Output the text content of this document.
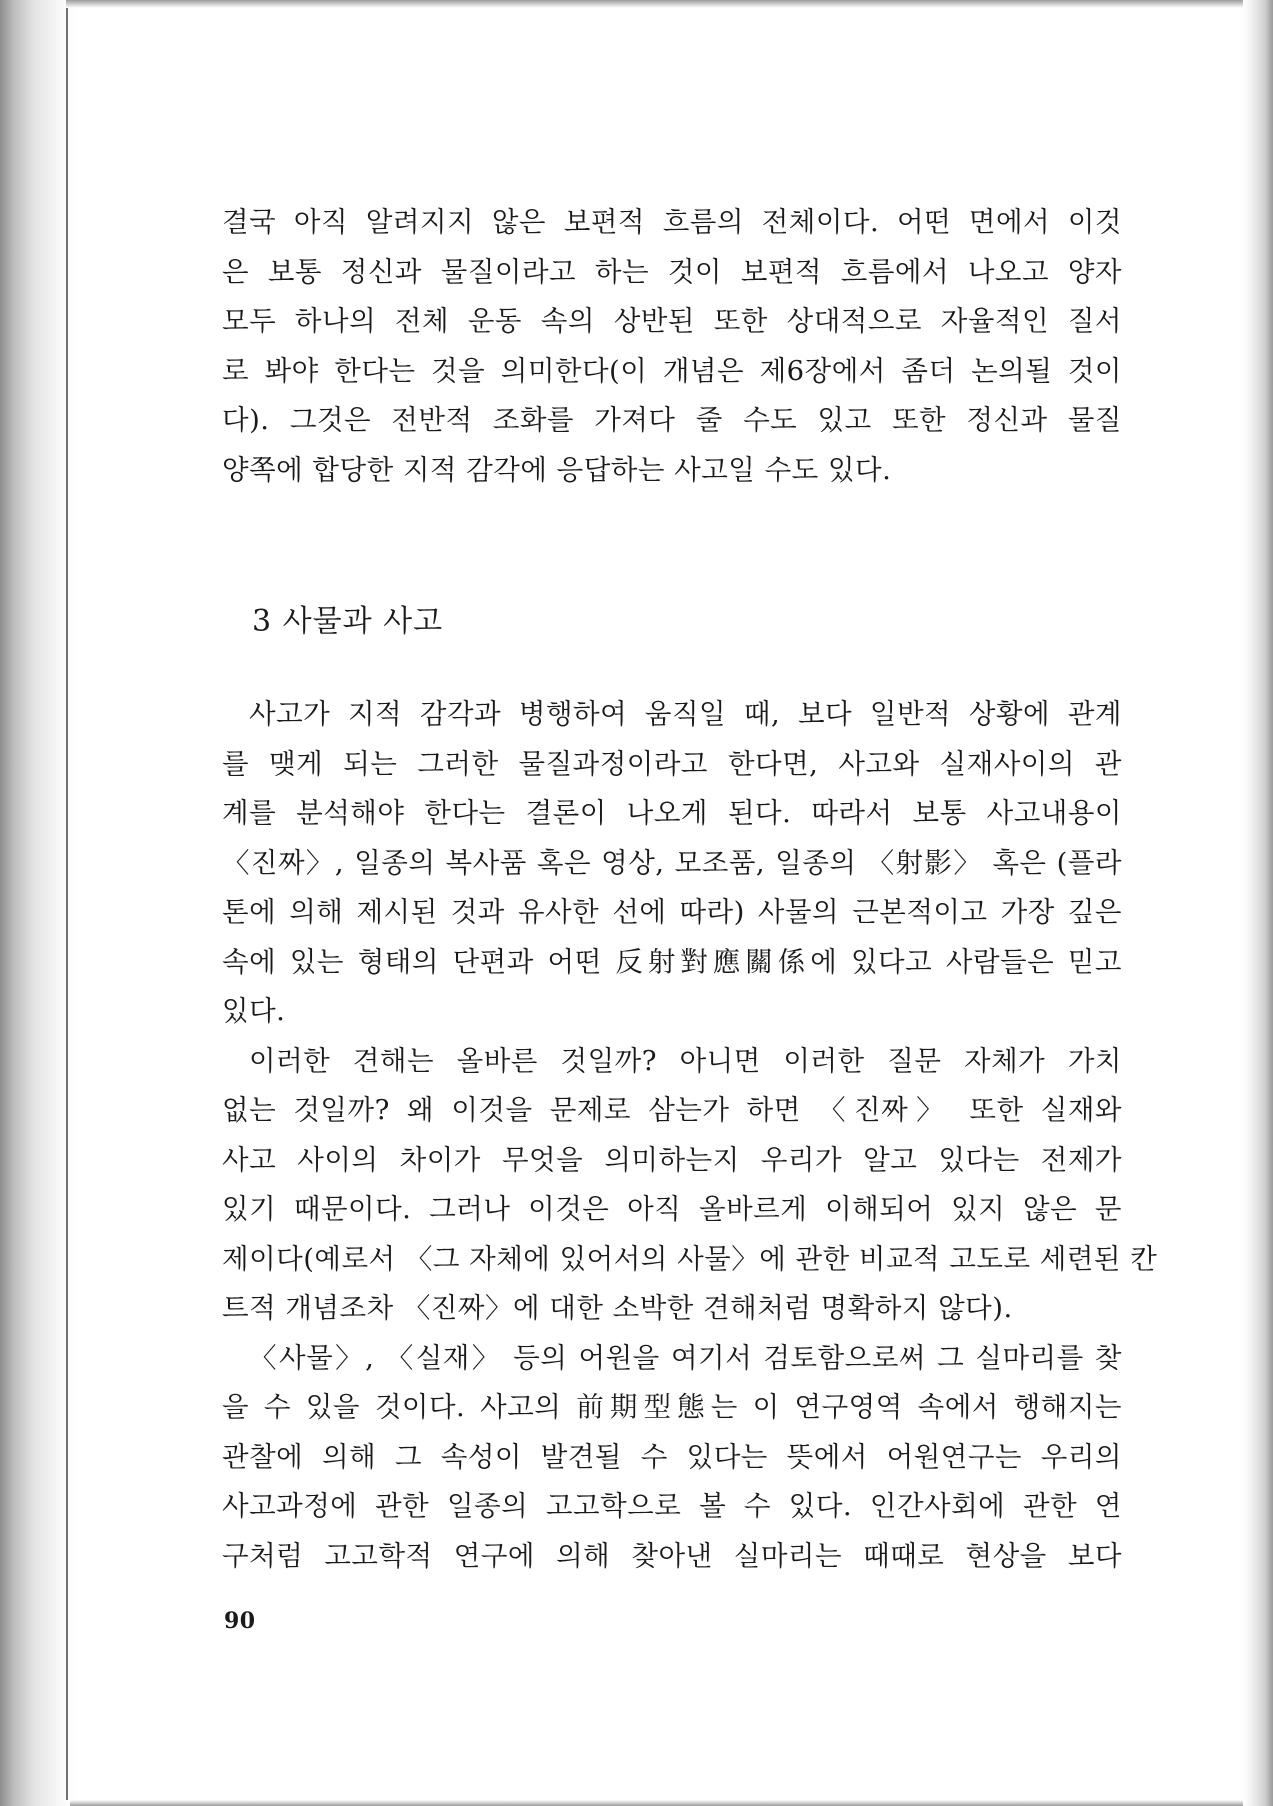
결국 아직 알려지지 않은 보편적 흐름의 전체이다. 어떤 면에서 이것
은 보통 정신과 물질이라고 하는 것이 보편적 흐름에서 나오고 양자
모두 하나의 전체 운동 속의 상반된 또한 상대적으로 자율적인 질서
로 봐야 한다는 것을 의미한다(이 개념은 제6장에서 좀더 논의될 것이
다). 그것은 전반적 조화를 가져다 줄 수도 있고 또한 정신과 물질
양쪽에 합당한 지적 감각에 응답하는 사고일 수도 있다.
3 사물과 사고
사고가 지적 감각과 병행하여 움직일 때, 보다 일반적 상황에 관계
를 맺게 되는 그러한 물질과정이라고 한다면, 사고와 실재사이의 관
계를 분석해야 한다는 결론이 나오게 된다. 따라서 보통 사고내용이
〈진짜〉, 일종의 복사품 혹은 영상, 모조품, 일종의 〈射影〉 혹은 (플라
톤에 의해 제시된 것과 유사한 선에 따라) 사물의 근본적이고 가장 깊은
속에 있는 형태의 단편과 어떤 反射對應關係에 있다고 사람들은 믿고
있다.
이러한 견해는 올바른 것일까? 아니면 이러한 질문 자체가 가치
없는 것일까? 왜 이것을 문제로 삼는가 하면 〈진짜〉 또한 실재와
사고 사이의 차이가 무엇을 의미하는지 우리가 알고 있다는 전제가
있기 때문이다. 그러나 이것은 아직 올바르게 이해되어 있지 않은 문
제이다(예로서 〈그 자체에 있어서의 사물〉에 관한 비교적 고도로 세련된 칸
트적 개념조차 〈진짜〉에 대한 소박한 견해처럼 명확하지 않다).
〈사물〉, 〈실재〉 등의 어원을 여기서 검토함으로써 그 실마리를 찾
을 수 있을 것이다. 사고의 前期型態는 이 연구영역 속에서 행해지는
관찰에 의해 그 속성이 발견될 수 있다는 뜻에서 어원연구는 우리의
사고과정에 관한 일종의 고고학으로 볼 수 있다. 인간사회에 관한 연
구처럼 고고학적 연구에 의해 찾아낸 실마리는 때때로 현상을 보다
90
